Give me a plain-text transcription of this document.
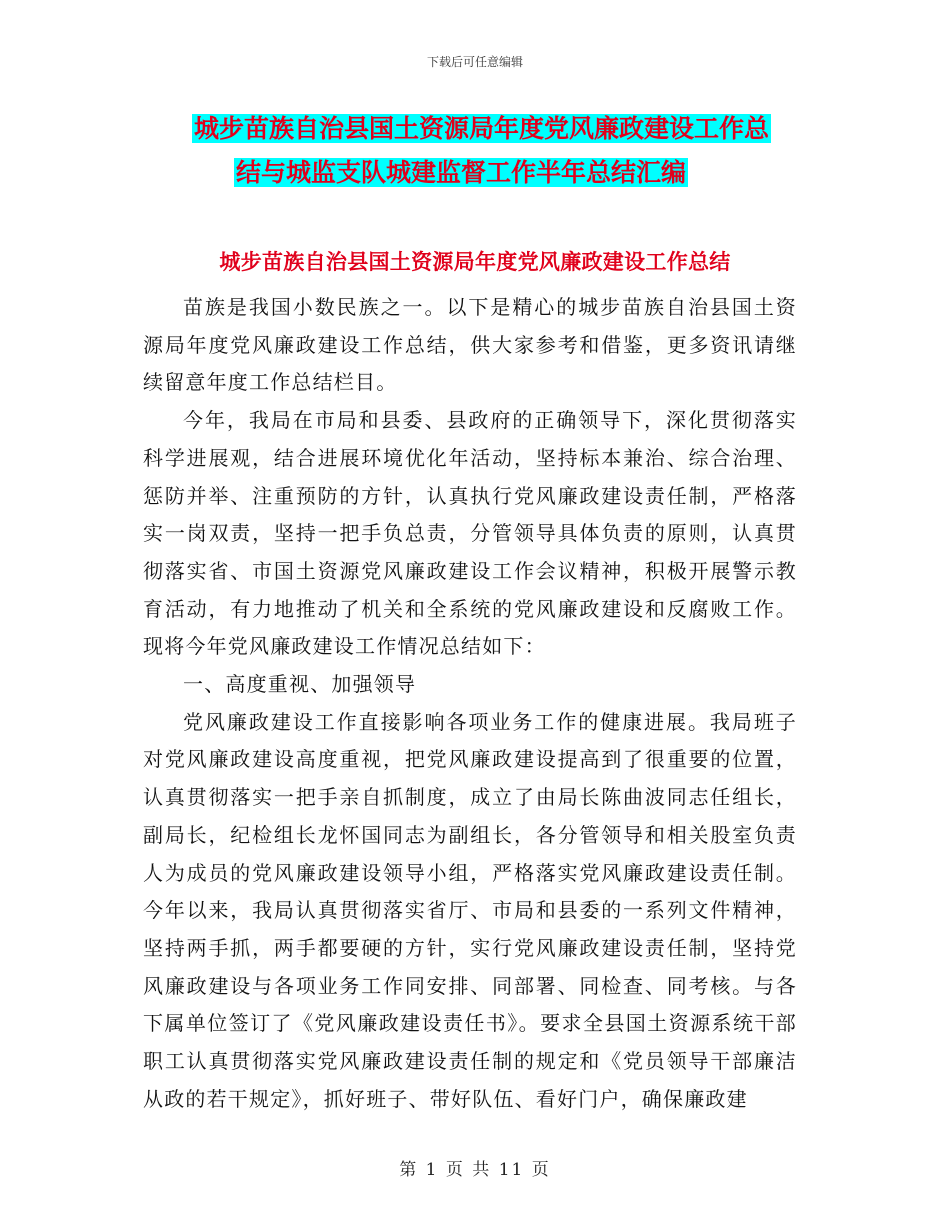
下载后可任意编辑
城步苗族自治县国土资源局年度党风廉政建设工作总
结与城监支队城建监督工作半年总结汇编
城步苗族自治县国土资源局年度党风廉政建设工作总结

苗族是我国小数民族之一。以下是精心的城步苗族自治县国土资源局年度党风廉政建设工作总结，供大家参考和借鉴，更多资讯请继续留意年度工作总结栏目。

今年，我局在市局和县委、县政府的正确领导下，深化贯彻落实科学进展观，结合进展环境优化年活动，坚持标本兼治、综合治理、惩防并举、注重预防的方针，认真执行党风廉政建设责任制，严格落实一岗双责，坚持一把手负总责，分管领导具体负责的原则，认真贯彻落实省、市国土资源党风廉政建设工作会议精神，积极开展警示教育活动，有力地推动了机关和全系统的党风廉政建设和反腐败工作。现将今年党风廉政建设工作情况总结如下：

一、高度重视、加强领导

党风廉政建设工作直接影响各项业务工作的健康进展。我局班子对党风廉政建设高度重视，把党风廉政建设提高到了很重要的位置，认真贯彻落实一把手亲自抓制度，成立了由局长陈曲波同志任组长，副局长，纪检组长龙怀国同志为副组长，各分管领导和相关股室负责人为成员的党风廉政建设领导小组，严格落实党风廉政建设责任制。今年以来，我局认真贯彻落实省厅、市局和县委的一系列文件精神，坚持两手抓，两手都要硬的方针，实行党风廉政建设责任制，坚持党风廉政建设与各项业务工作同安排、同部署、同检查、同考核。与各下属单位签订了《党风廉政建设责任书》。要求全县国土资源系统干部职工认真贯彻落实党风廉政建设责任制的规定和《党员领导干部廉洁从政的若干规定》，抓好班子、带好队伍、看好门户，确保廉政建

第 1 页 共 11 页
